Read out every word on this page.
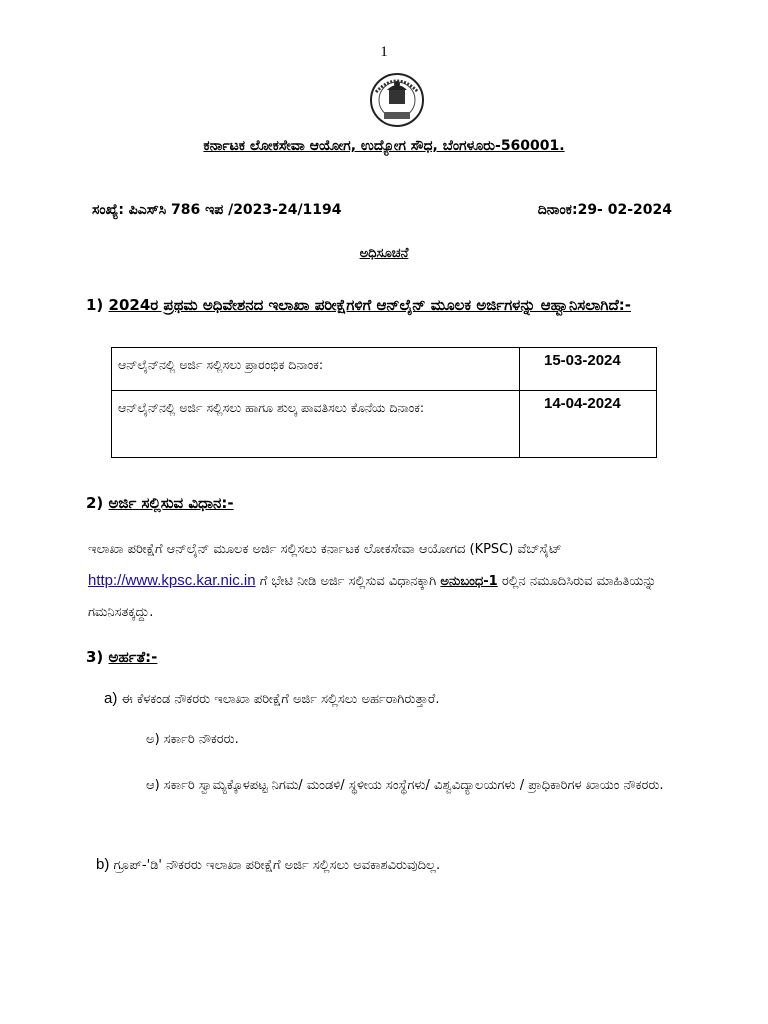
1
ಕರ್ನಾಟಕ ಲೋಕಸೇವಾ ಆಯೋಗ, ಉದ್ಯೋಗ ಸೌಧ, ಬೆಂಗಳೂರು-560001.
ಸಂಖ್ಯೆ: ಪಿಎಸ್‌ಸಿ 786 ಇಪ /2023-24/1194	ದಿನಾಂಕ:29- 02-2024
ಅಧಿಸೂಚನೆ
1) 2024ರ ಪ್ರಥಮ ಅಧಿವೇಶನದ ಇಲಾಖಾ ಪರೀಕ್ಷೆಗಳಿಗೆ ಆನ್‌ಲೈನ್ ಮೂಲಕ ಅರ್ಜಿಗಳನ್ನು ಆಹ್ವಾನಿಸಲಾಗಿದೆ:-
ಆನ್‌ಲೈನ್‌ನಲ್ಲಿ ಅರ್ಜಿ ಸಲ್ಲಿಸಲು ಪ್ರಾರಂಭಿಕ ದಿನಾಂಕ:	15-03-2024
ಆನ್‌ಲೈನ್‌ನಲ್ಲಿ ಅರ್ಜಿ ಸಲ್ಲಿಸಲು ಹಾಗೂ ಶುಲ್ಕ ಪಾವತಿಸಲು ಕೊನೆಯ ದಿನಾಂಕ:	14-04-2024
2) ಅರ್ಜಿ ಸಲ್ಲಿಸುವ ವಿಧಾನ:-
ಇಲಾಖಾ ಪರೀಕ್ಷೆಗೆ ಆನ್‌ಲೈನ್ ಮೂಲಕ ಅರ್ಜಿ ಸಲ್ಲಿಸಲು ಕರ್ನಾಟಕ ಲೋಕಸೇವಾ ಆಯೋಗದ (KPSC) ವೆಬ್‌ಸೈಟ್ http://www.kpsc.kar.nic.in ಗೆ ಭೇಟಿ ನೀಡಿ ಅರ್ಜಿ ಸಲ್ಲಿಸುವ ವಿಧಾನಕ್ಕಾಗಿ ಅನುಬಂಧ-1 ರಲ್ಲಿನ ನಮೂದಿಸಿರುವ ಮಾಹಿತಿಯನ್ನು ಗಮನಿಸತಕ್ಕದ್ದು.
3) ಅರ್ಹತೆ:-
a) ಈ ಕೆಳಕಂಡ ನೌಕರರು ಇಲಾಖಾ ಪರೀಕ್ಷೆಗೆ ಅರ್ಜಿ ಸಲ್ಲಿಸಲು ಅರ್ಹರಾಗಿರುತ್ತಾರೆ.
ಅ) ಸರ್ಕಾರಿ ನೌಕರರು.
ಆ) ಸರ್ಕಾರಿ ಸ್ವಾಮ್ಯಕ್ಕೊಳಪಟ್ಟ ನಿಗಮ/ ಮಂಡಳಿ/ ಸ್ಥಳೀಯ ಸಂಸ್ಥೆಗಳು/ ವಿಶ್ವವಿದ್ಯಾಲಯಗಳು / ಪ್ರಾಧಿಕಾರಿಗಳ ಖಾಯಂ ನೌಕರರು.
b) ಗ್ರೂಪ್-'ಡಿ' ನೌಕರರು ಇಲಾಖಾ ಪರೀಕ್ಷೆಗೆ ಅರ್ಜಿ ಸಲ್ಲಿಸಲು ಅವಕಾಶವಿರುವುದಿಲ್ಲ.
